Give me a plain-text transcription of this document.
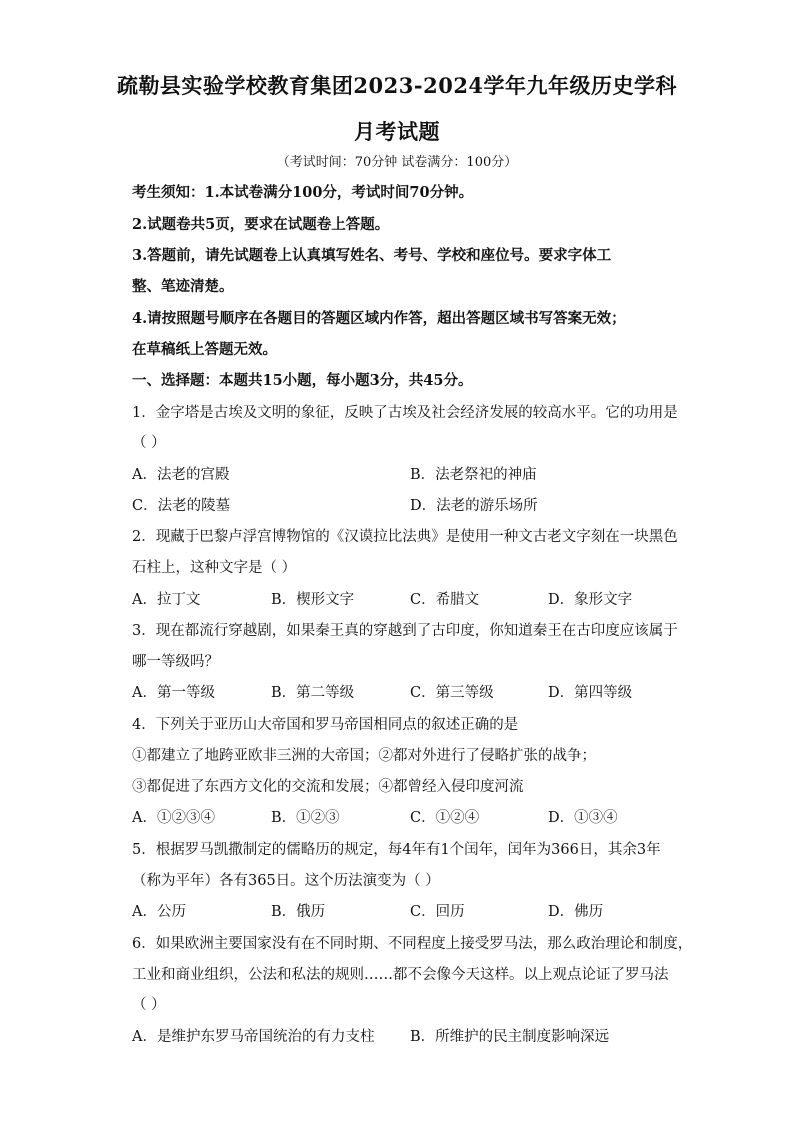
疏勒县实验学校教育集团2023-2024学年九年级历史学科
月考试题
（考试时间：70分钟 试卷满分：100分）
考生须知：1.本试卷满分100分，考试时间70分钟。
2.试题卷共5页，要求在试题卷上答题。
3.答题前，请先试题卷上认真填写姓名、考号、学校和座位号。要求字体工
整、笔迹清楚。
4.请按照题号顺序在各题目的答题区域内作答，超出答题区域书写答案无效；
在草稿纸上答题无效。
一、选择题：本题共15小题，每小题3分，共45分。
1．金字塔是古埃及文明的象征，反映了古埃及社会经济发展的较高水平。它的功用是
（ ）
A．法老的宫殿	B．法老祭祀的神庙
C．法老的陵墓	D．法老的游乐场所
2．现藏于巴黎卢浮宫博物馆的《汉谟拉比法典》是使用一种文古老文字刻在一块黑色
石柱上，这种文字是（ ）
A．拉丁文	B．楔形文字	C．希腊文	D．象形文字
3．现在都流行穿越剧，如果秦王真的穿越到了古印度，你知道秦王在古印度应该属于
哪一等级吗？
A．第一等级	B．第二等级	C．第三等级	D．第四等级
4．下列关于亚历山大帝国和罗马帝国相同点的叙述正确的是
①都建立了地跨亚欧非三洲的大帝国；②都对外进行了侵略扩张的战争；
③都促进了东西方文化的交流和发展；④都曾经入侵印度河流
A．①②③④	B．①②③	C．①②④	D．①③④
5．根据罗马凯撒制定的儒略历的规定，每4年有1个闰年，闰年为366日，其余3年
（称为平年）各有365日。这个历法演变为（ ）
A．公历	B．俄历	C．回历	D．佛历
6．如果欧洲主要国家没有在不同时期、不同程度上接受罗马法，那么政治理论和制度，
工业和商业组织，公法和私法的规则……都不会像今天这样。以上观点论证了罗马法
（ ）
A．是维护东罗马帝国统治的有力支柱 B．所维护的民主制度影响深远
